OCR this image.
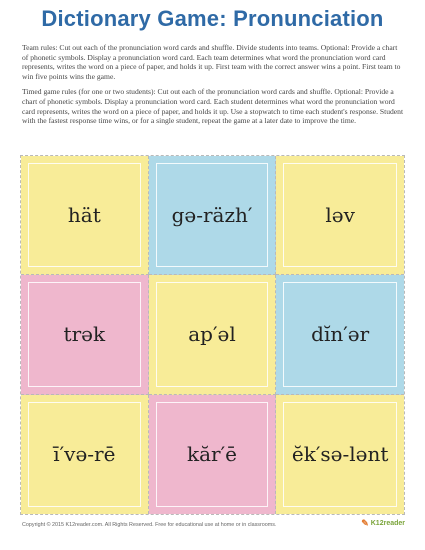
Dictionary Game: Pronunciation

Team rules: Cut out each of the pronunciation word cards and shuffle. Divide students into teams. Optional: Provide a chart of phonetic symbols. Display a pronunciation word card. Each team determines what word the pronunciation word card represents, writes the word on a piece of paper, and holds it up. First team with the correct answer wins a point. First team to win five points wins the game.

Timed game rules (for one or two students): Cut out each of the pronunciation word cards and shuffle. Optional: Provide a chart of phonetic symbols. Display a pronunciation word card. Each student determines what word the pronunciation word card represents, writes the word on a piece of paper, and holds it up. Use a stopwatch to time each student's response. Student with the fastest response time wins, or for a single student, repeat the game at a later date to improve the time.

hät	gə-räzh′	ləv
trək	ap′əl	dĭn′ər
ī′və-rē	kăr′ē	ĕk′sə-lənt
Copyright © 2015 K12reader.com. All Rights Reserved. Free for educational use at home or in classrooms.	✎ K12reader
